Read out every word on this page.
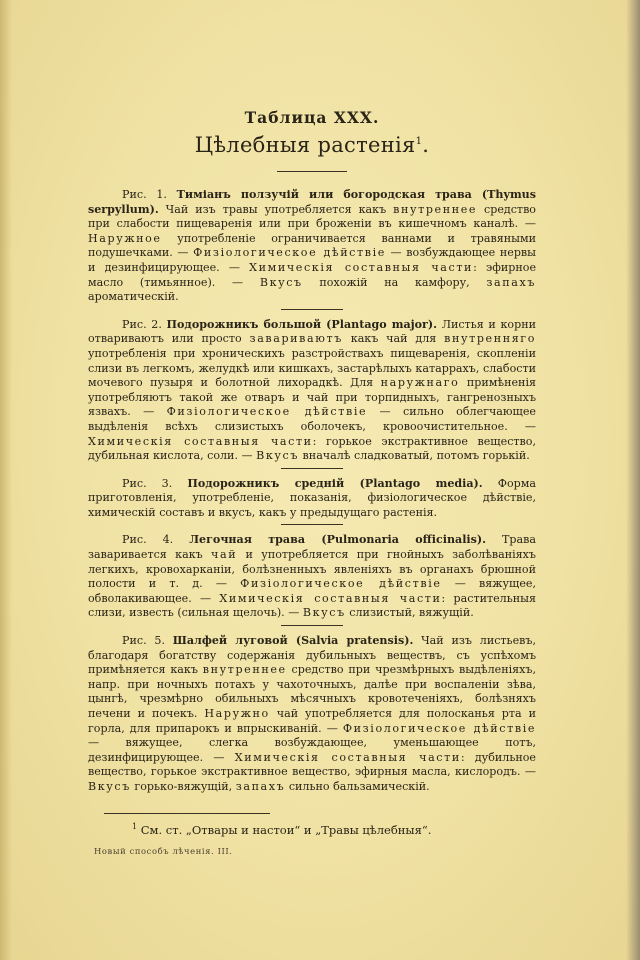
Таблица XXX.

Цѣлебныя растенія$^1$.

Рис. 1. Тиміанъ ползучій или богородская трава (Thymus serpyllum). Чай изъ травы употребляется какъ внутреннее средство при слабости пищеваренія или при броженіи въ кишечномъ каналѣ. — Наружное употребленіе ограничивается ваннами и травяными подушечками. — Физіологическое дѣйствіе — возбуждающее нервы и дезинфицирующее. — Химическія составныя части: эфирное масло (тимьянное). — Вкусъ похожій на камфору, запахъ ароматическій.

Рис. 2. Подорожникъ большой (Plantago major). Листья и корни отвариваютъ или просто завариваютъ какъ чай для внутренняго употребленія при хроническихъ разстройствахъ пищеваренія, скопленіи слизи въ легкомъ, желудкѣ или кишкахъ, застарѣлыхъ катаррахъ, слабости мочевого пузыря и болотной лихорадкѣ. Для наружнаго примѣненія употребляютъ такой же отваръ и чай при торпидныхъ, гангренозныхъ язвахъ. — Физіологическое дѣйствіе — сильно облегчающее выдѣленія всѣхъ слизистыхъ оболочекъ, кровоочистительное. — Химическія составныя части: горькое экстрактивное вещество, дубильная кислота, соли. — Вкусъ вначалѣ сладковатый, потомъ горькій.

Рис. 3. Подорожникъ средній (Plantago media). Форма приготовленія, употребленіе, показанія, физіологическое дѣйствіе, химическій составъ и вкусъ, какъ у предыдущаго растенія.

Рис. 4. Легочная трава (Pulmonaria officinalis). Трава заваривается какъ чай и употребляется при гнойныхъ заболѣваніяхъ легкихъ, кровохарканіи, болѣзненныхъ явленіяхъ въ органахъ брюшной полости и т. д. — Физіологическое дѣйствіе — вяжущее, обволакивающее. — Химическія составныя части: растительныя слизи, известь (сильная щелочь). — Вкусъ слизистый, вяжущій.

Рис. 5. Шалфей луговой (Salvia pratensis). Чай изъ листьевъ, благодаря богатству содержанія дубильныхъ веществъ, съ успѣхомъ примѣняется какъ внутреннее средство при чрезмѣрныхъ выдѣленіяхъ, напр. при ночныхъ потахъ у чахоточныхъ, далѣе при воспаленіи зѣва, цынгѣ, чрезмѣрно обильныхъ мѣсячныхъ кровотеченіяхъ, болѣзняхъ печени и почекъ. Наружно чай употребляется для полосканья рта и горла, для припарокъ и впрыскиваній. — Физіологическое дѣйствіе — вяжущее, слегка возбуждающее, уменьшающее потъ, дезинфицирующее. — Химическія составныя части: дубильное вещество, горькое экстрактивное вещество, эфирныя масла, кислородъ. — Вкусъ горько-вяжущій, запахъ сильно бальзамическій.

$^1$ См. ст. „Отвары и настои“ и „Травы цѣлебныя“.

Новый способъ лѣченія. III.
